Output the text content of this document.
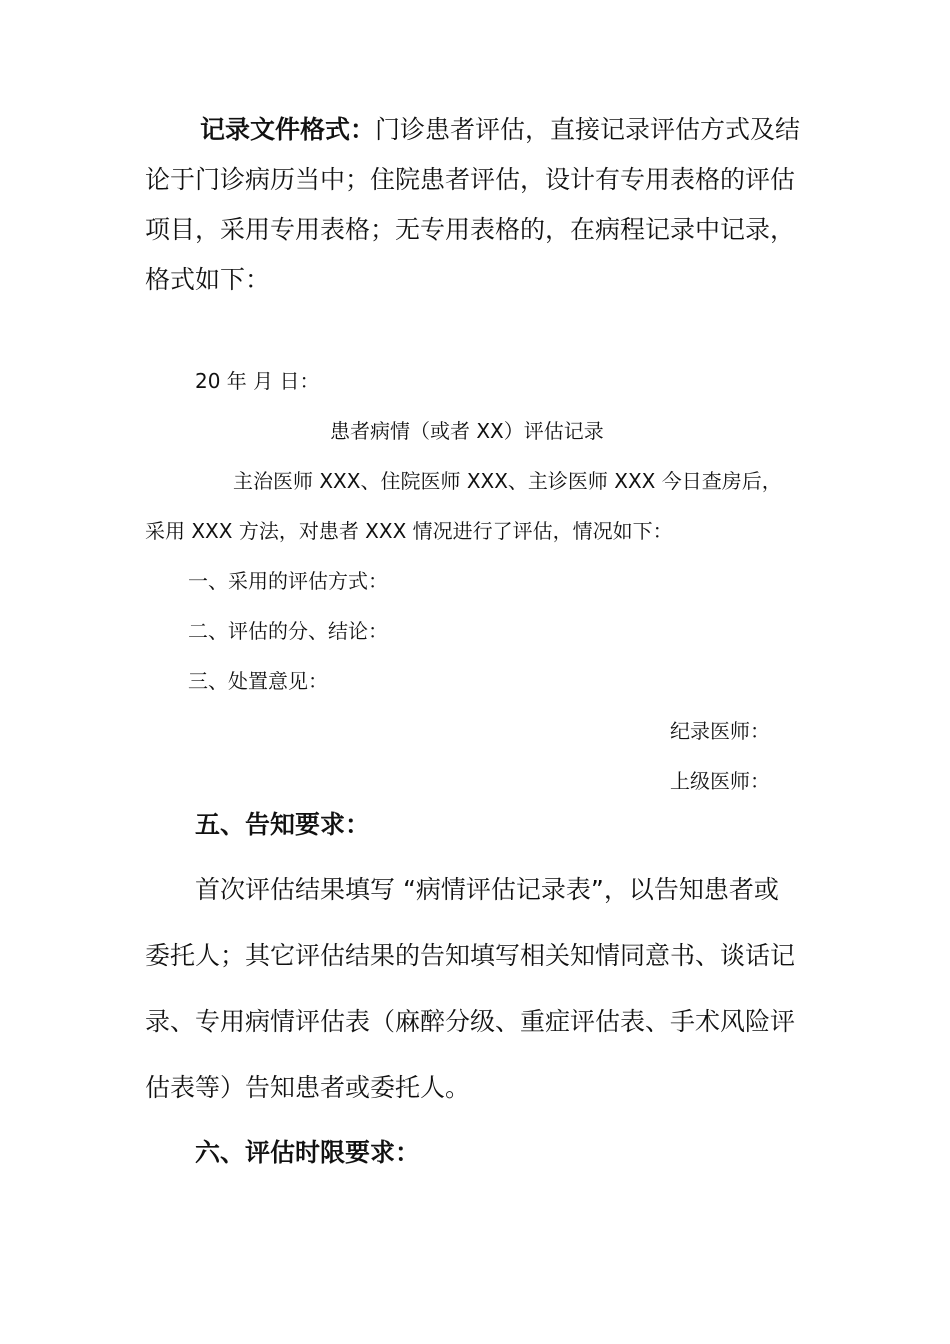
记录文件格式：门诊患者评估，直接记录评估方式及结
论于门诊病历当中；住院患者评估，设计有专用表格的评估
项目，采用专用表格；无专用表格的，在病程记录中记录，
格式如下：
20 年 月 日：
患者病情（或者 XX）评估记录
主治医师 XXX、住院医师 XXX、主诊医师 XXX 今日查房后，
采用 XXX 方法，对患者 XXX 情况进行了评估，情况如下：
一、采用的评估方式：
二、评估的分、结论：
三、处置意见：
纪录医师：
上级医师：
五、告知要求：
首次评估结果填写 “病情评估记录表”，以告知患者或
委托人；其它评估结果的告知填写相关知情同意书、谈话记
录、专用病情评估表（麻醉分级、重症评估表、手术风险评
估表等）告知患者或委托人。
六、评估时限要求：
